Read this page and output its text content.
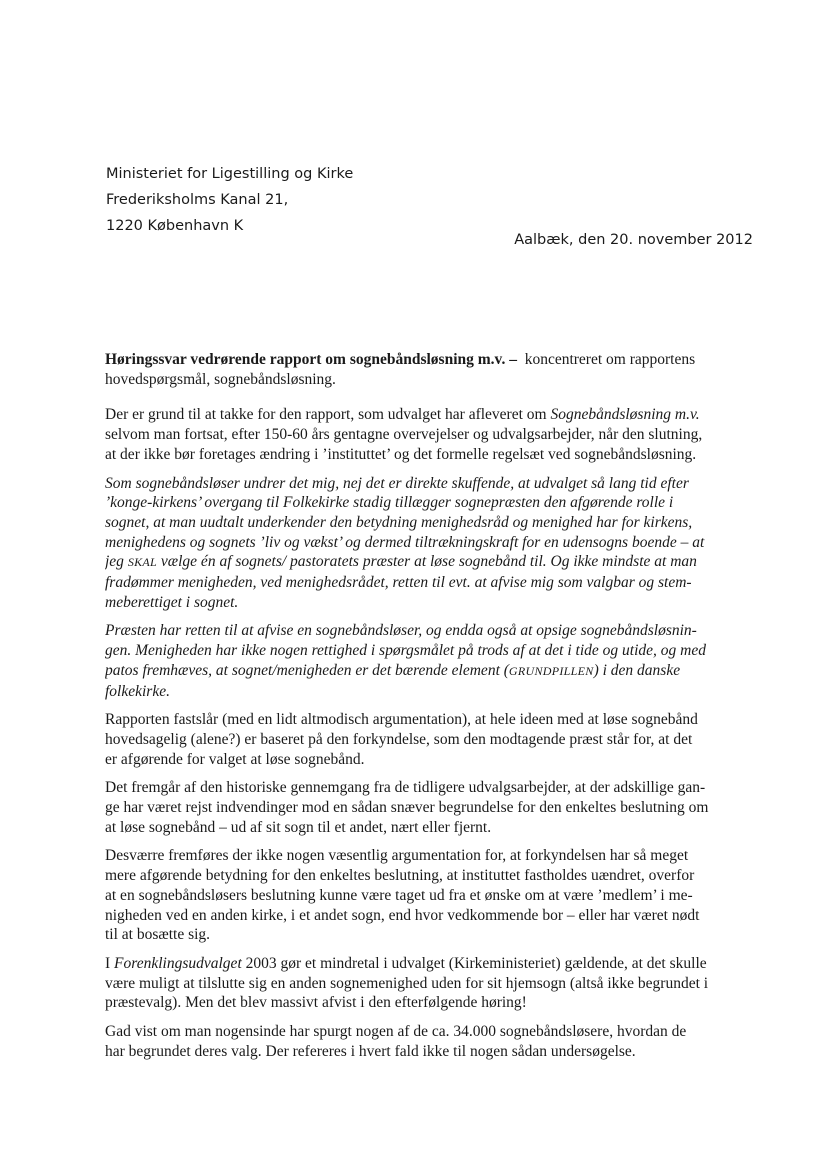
Ministeriet for Ligestilling og Kirke
Frederiksholms Kanal 21,
1220 København K
Aalbæk, den 20. november 2012
Høringssvar vedrørende rapport om sognebåndsløsning m.v. – koncentreret om rapportens
hovedspørgsmål, sognebåndsløsning.
Der er grund til at takke for den rapport, som udvalget har afleveret om Sognebåndsløsning m.v.
selvom man fortsat, efter 150-60 års gentagne overvejelser og udvalgsarbejder, når den slutning,
at der ikke bør foretages ændring i ’instituttet’ og det formelle regelsæt ved sognebåndsløsning.
Som sognebåndsløser undrer det mig, nej det er direkte skuffende, at udvalget så lang tid efter
’konge-kirkens’ overgang til Folkekirke stadig tillægger sognepræsten den afgørende rolle i
sognet, at man uudtalt underkender den betydning menighedsråd og menighed har for kirkens,
menighedens og sognets ’liv og vækst’ og dermed tiltrækningskraft for en udensogns boende – at
jeg SKAL vælge én af sognets/ pastoratets præster at løse sognebånd til. Og ikke mindste at man
fradømmer menigheden, ved menighedsrådet, retten til evt. at afvise mig som valgbar og stem-
meberettiget i sognet.
Præsten har retten til at afvise en sognebåndsløser, og endda også at opsige sognebåndsløsnin-
gen. Menigheden har ikke nogen rettighed i spørgsmålet på trods af at det i tide og utide, og med
patos fremhæves, at sognet/menigheden er det bærende element (GRUNDPILLEN) i den danske
folkekirke.
Rapporten fastslår (med en lidt altmodisch argumentation), at hele ideen med at løse sognebånd
hovedsagelig (alene?) er baseret på den forkyndelse, som den modtagende præst står for, at det
er afgørende for valget at løse sognebånd.
Det fremgår af den historiske gennemgang fra de tidligere udvalgsarbejder, at der adskillige gan-
ge har været rejst indvendinger mod en sådan snæver begrundelse for den enkeltes beslutning om
at løse sognebånd – ud af sit sogn til et andet, nært eller fjernt.
Desværre fremføres der ikke nogen væsentlig argumentation for, at forkyndelsen har så meget
mere afgørende betydning for den enkeltes beslutning, at instituttet fastholdes uændret, overfor
at en sognebåndsløsers beslutning kunne være taget ud fra et ønske om at være ’medlem’ i me-
nigheden ved en anden kirke, i et andet sogn, end hvor vedkommende bor – eller har været nødt
til at bosætte sig.
I Forenklingsudvalget 2003 gør et mindretal i udvalget (Kirkeministeriet) gældende, at det skulle
være muligt at tilslutte sig en anden sognemenighed uden for sit hjemsogn (altså ikke begrundet i
præstevalg). Men det blev massivt afvist i den efterfølgende høring!
Gad vist om man nogensinde har spurgt nogen af de ca. 34.000 sognebåndsløsere, hvordan de
har begrundet deres valg. Der refereres i hvert fald ikke til nogen sådan undersøgelse.
